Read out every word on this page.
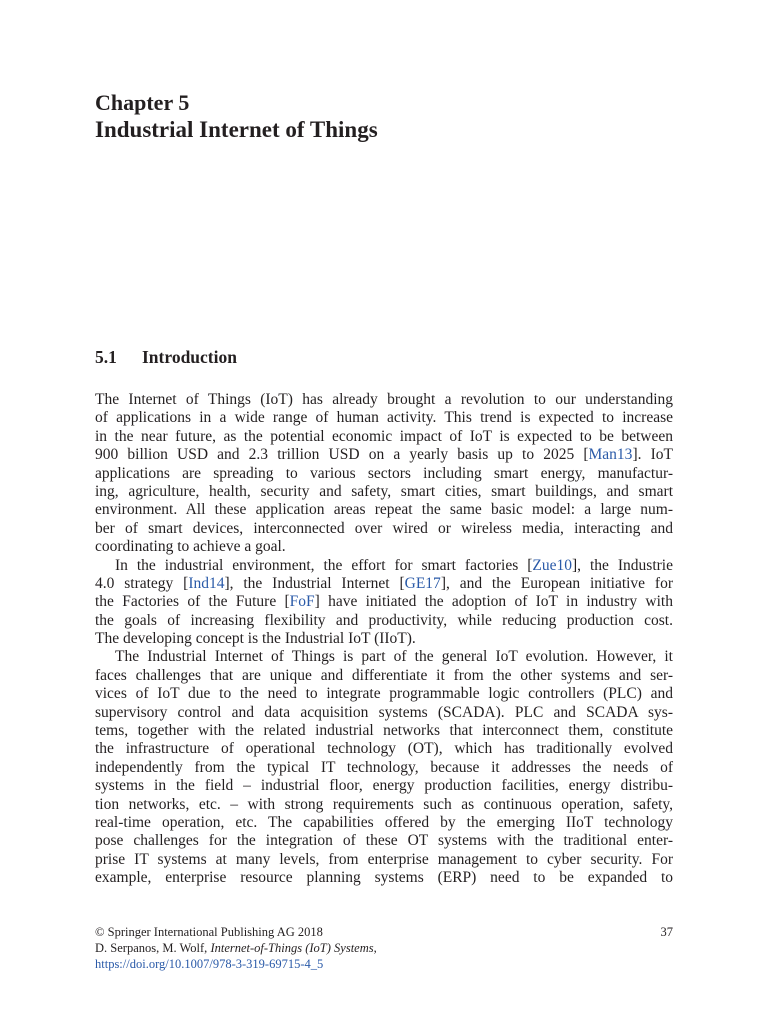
Chapter 5
Industrial Internet of Things
5.1 Introduction
The Internet of Things (IoT) has already brought a revolution to our understanding
of applications in a wide range of human activity. This trend is expected to increase
in the near future, as the potential economic impact of IoT is expected to be between
900 billion USD and 2.3 trillion USD on a yearly basis up to 2025 [Man13]. IoT
applications are spreading to various sectors including smart energy, manufactur-
ing, agriculture, health, security and safety, smart cities, smart buildings, and smart
environment. All these application areas repeat the same basic model: a large num-
ber of smart devices, interconnected over wired or wireless media, interacting and
coordinating to achieve a goal.
In the industrial environment, the effort for smart factories [Zue10], the Industrie
4.0 strategy [Ind14], the Industrial Internet [GE17], and the European initiative for
the Factories of the Future [FoF] have initiated the adoption of IoT in industry with
the goals of increasing flexibility and productivity, while reducing production cost.
The developing concept is the Industrial IoT (IIoT).
The Industrial Internet of Things is part of the general IoT evolution. However, it
faces challenges that are unique and differentiate it from the other systems and ser-
vices of IoT due to the need to integrate programmable logic controllers (PLC) and
supervisory control and data acquisition systems (SCADA). PLC and SCADA sys-
tems, together with the related industrial networks that interconnect them, constitute
the infrastructure of operational technology (OT), which has traditionally evolved
independently from the typical IT technology, because it addresses the needs of
systems in the field – industrial floor, energy production facilities, energy distribu-
tion networks, etc. – with strong requirements such as continuous operation, safety,
real-time operation, etc. The capabilities offered by the emerging IIoT technology
pose challenges for the integration of these OT systems with the traditional enter-
prise IT systems at many levels, from enterprise management to cyber security. For
example, enterprise resource planning systems (ERP) need to be expanded to
© Springer International Publishing AG 2018	37
D. Serpanos, M. Wolf, Internet-of-Things (IoT) Systems,
https://doi.org/10.1007/978-3-319-69715-4_5
